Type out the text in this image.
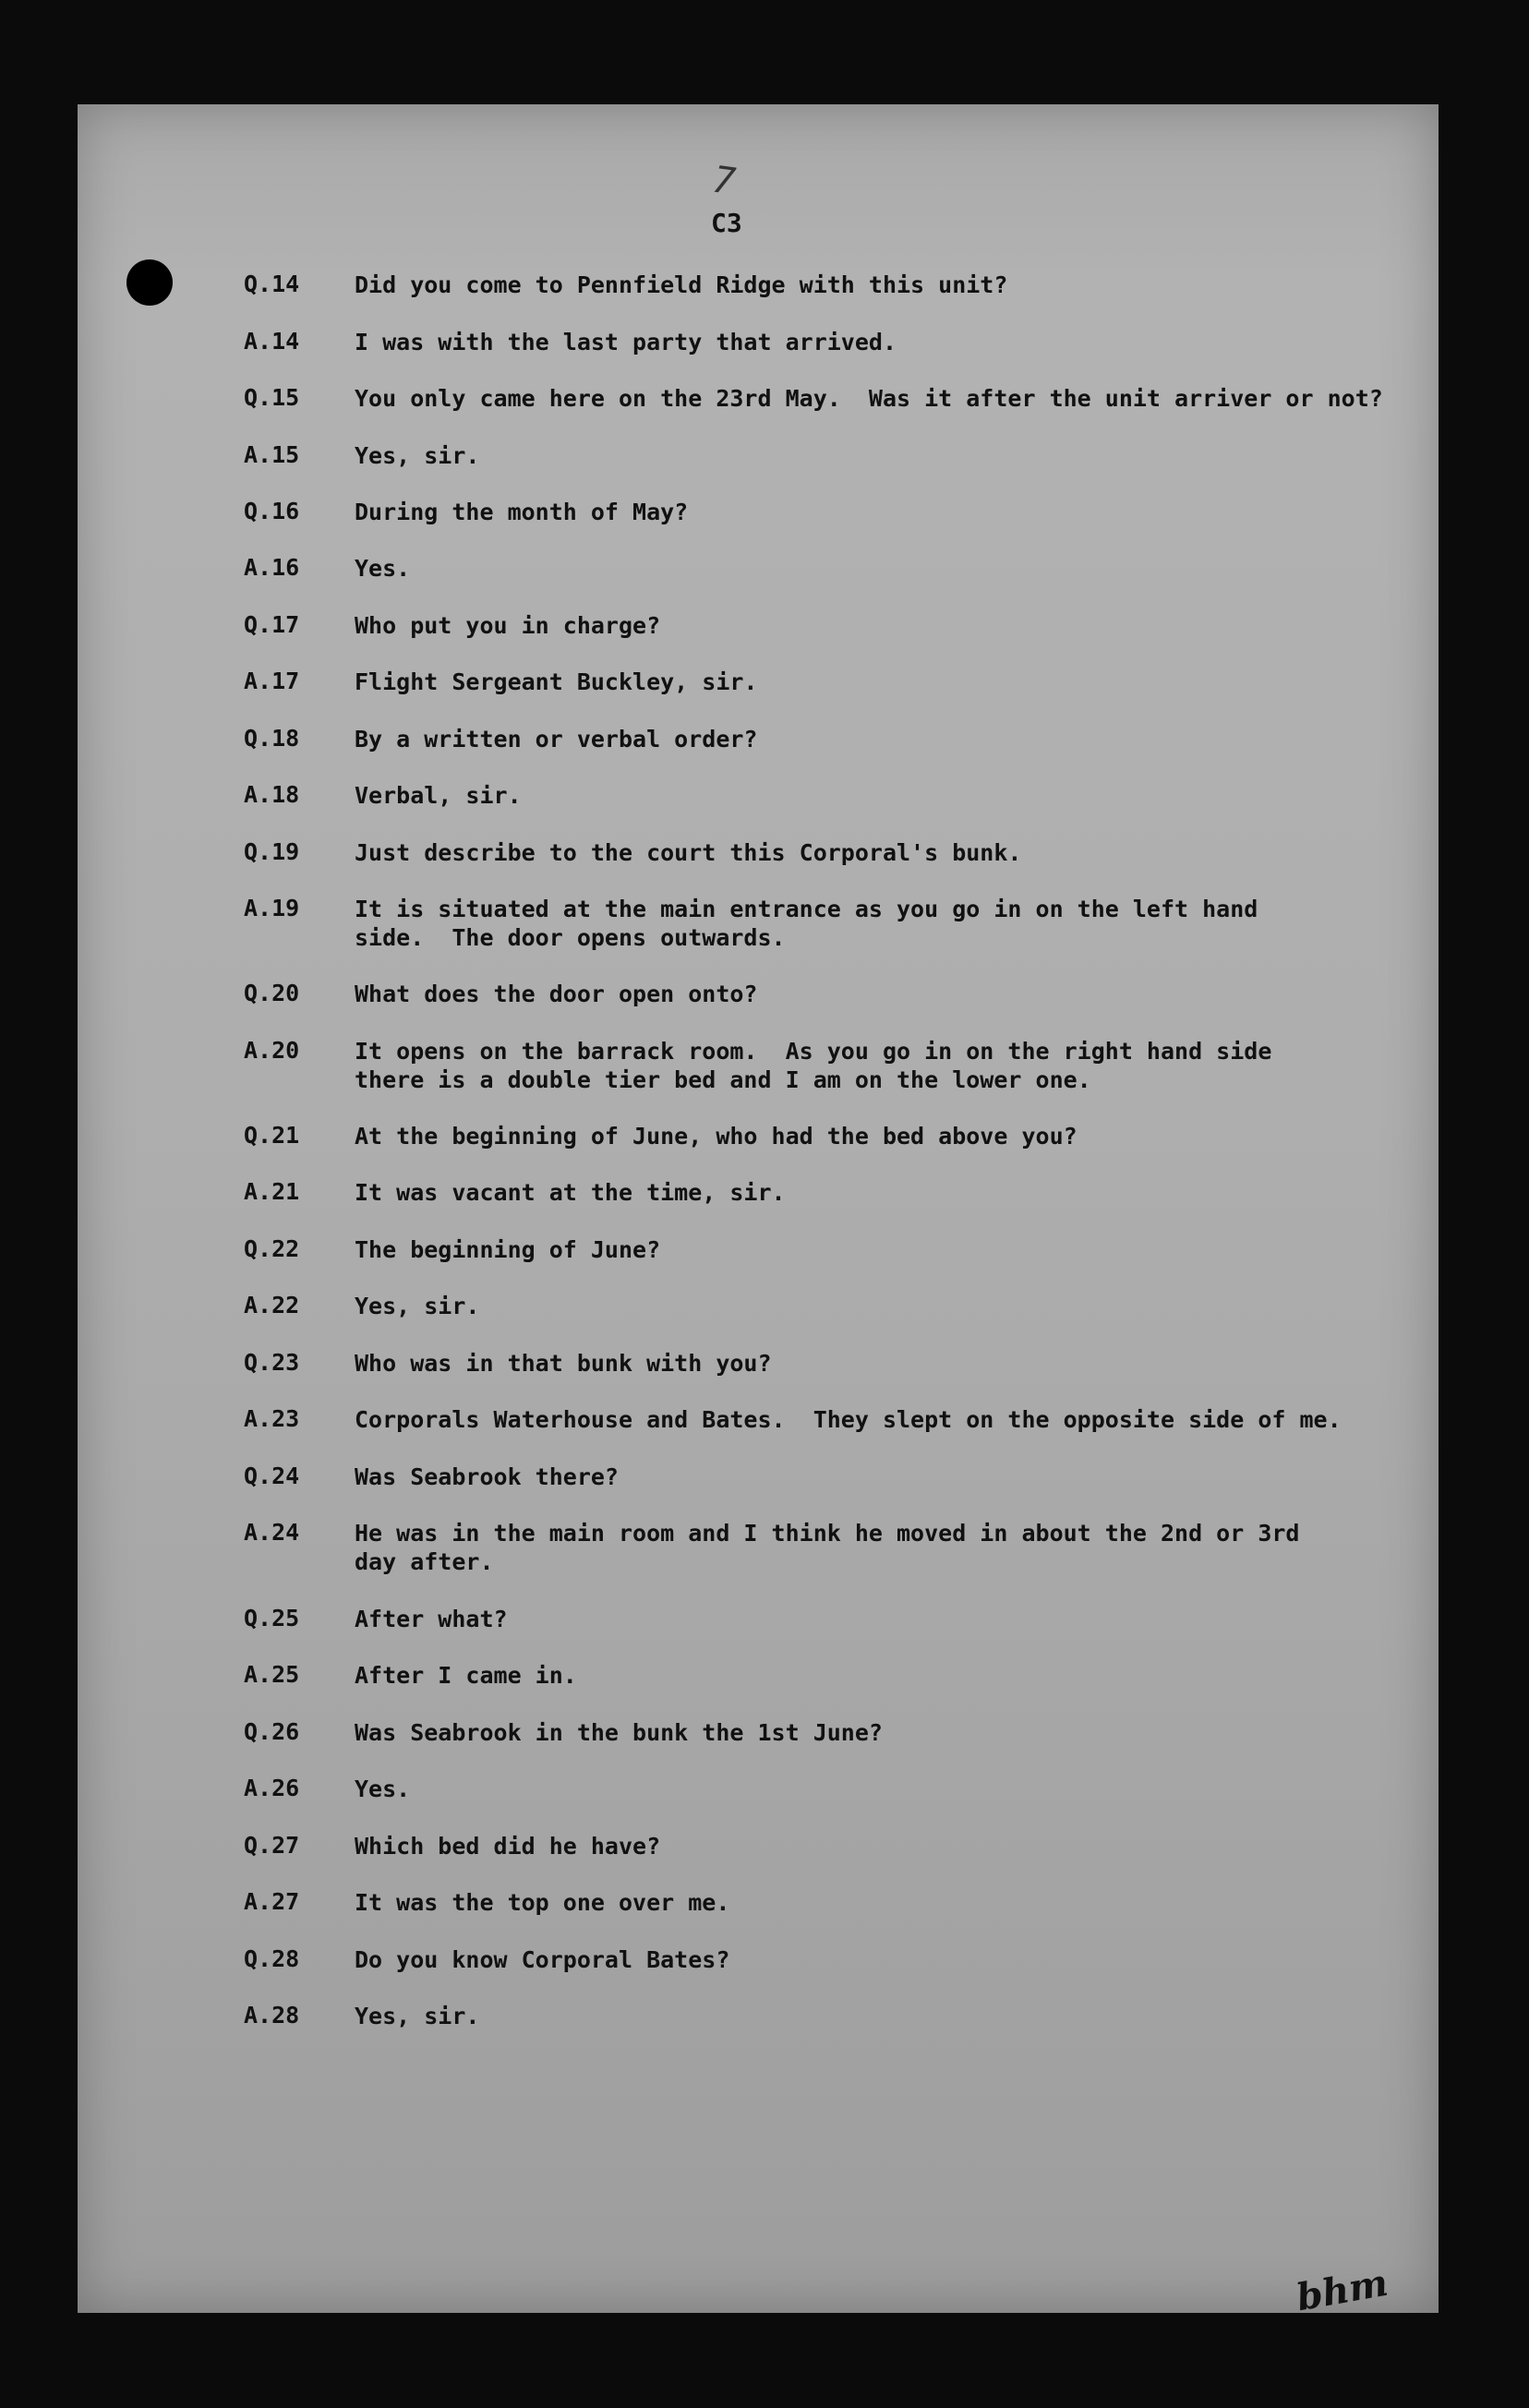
7
C3
Q.14 Did you come to Pennfield Ridge with this unit?
A.14 I was with the last party that arrived.
Q.15 You only came here on the 23rd May.  Was it after the unit arriver or not?
A.15 Yes, sir.
Q.16 During the month of May?
A.16 Yes.
Q.17 Who put you in charge?
A.17 Flight Sergeant Buckley, sir.
Q.18 By a written or verbal order?
A.18 Verbal, sir.
Q.19 Just describe to the court this Corporal's bunk.
A.19 It is situated at the main entrance as you go in on the left hand
side.  The door opens outwards.
Q.20 What does the door open onto?
A.20 It opens on the barrack room.  As you go in on the right hand side
there is a double tier bed and I am on the lower one.
Q.21 At the beginning of June, who had the bed above you?
A.21 It was vacant at the time, sir.
Q.22 The beginning of June?
A.22 Yes, sir.
Q.23 Who was in that bunk with you?
A.23 Corporals Waterhouse and Bates.  They slept on the opposite side of me.
Q.24 Was Seabrook there?
A.24 He was in the main room and I think he moved in about the 2nd or 3rd
day after.
Q.25 After what?
A.25 After I came in.
Q.26 Was Seabrook in the bunk the 1st June?
A.26 Yes.
Q.27 Which bed did he have?
A.27 It was the top one over me.
Q.28 Do you know Corporal Bates?
A.28 Yes, sir.
bhm
